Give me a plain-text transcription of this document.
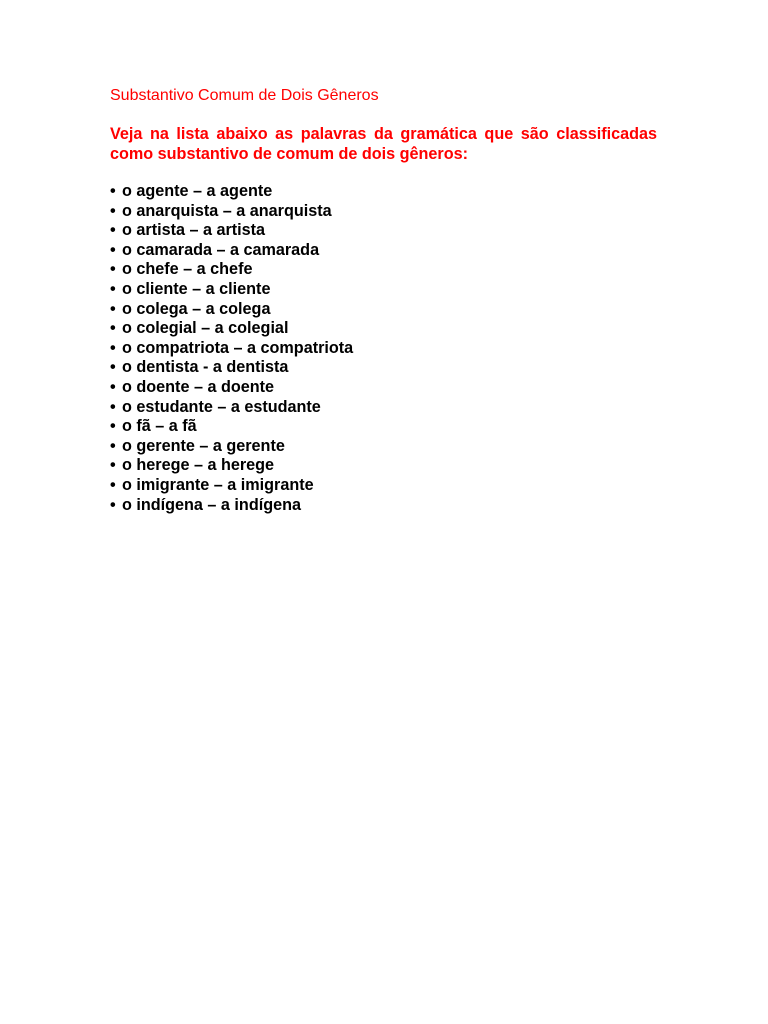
Substantivo Comum de Dois Gêneros

Veja na lista abaixo as palavras da gramática que são classificadas como substantivo de comum de dois gêneros:

• o agente – a agente
• o anarquista – a anarquista
• o artista – a artista
• o camarada – a camarada
• o chefe – a chefe
• o cliente – a cliente
• o colega – a colega
• o colegial – a colegial
• o compatriota – a compatriota
• o dentista - a dentista
• o doente – a doente
• o estudante – a estudante
• o fã – a fã
• o gerente – a gerente
• o herege – a herege
• o imigrante – a imigrante
• o indígena – a indígena
